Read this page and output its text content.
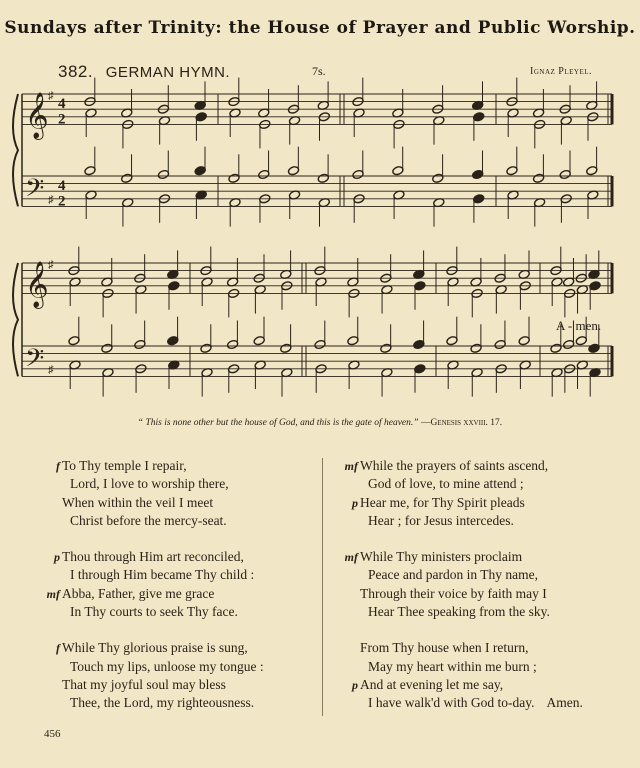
Sundays after Trinity: the House of Prayer and Public Worship.
382. GERMAN HYMN.	7s.	Ignaz Pleyel.
𝄞
𝄢
♯
♯
4
2
4
2
𝄞
𝄢
♯
♯
A - men.
“ This is none other but the house of God, and this is the gate of heaven.” —Genesis xxviii. 17.
f To Thy temple I repair,
Lord, I love to worship there,
When within the veil I meet
Christ before the mercy-seat.
p Thou through Him art reconciled,
I through Him became Thy child :
mf Abba, Father, give me grace
In Thy courts to seek Thy face.
f While Thy glorious praise is sung,
Touch my lips, unloose my tongue :
That my joyful soul may bless
Thee, the Lord, my righteousness.
mf While the prayers of saints ascend,
God of love, to mine attend ;
p Hear me, for Thy Spirit pleads
Hear ; for Jesus intercedes.
mf While Thy ministers proclaim
Peace and pardon in Thy name,
Through their voice by faith may I
Hear Thee speaking from the sky.
From Thy house when I return,
May my heart within me burn ;
p And at evening let me say,
I have walk'd with God to-day. Amen.
456
